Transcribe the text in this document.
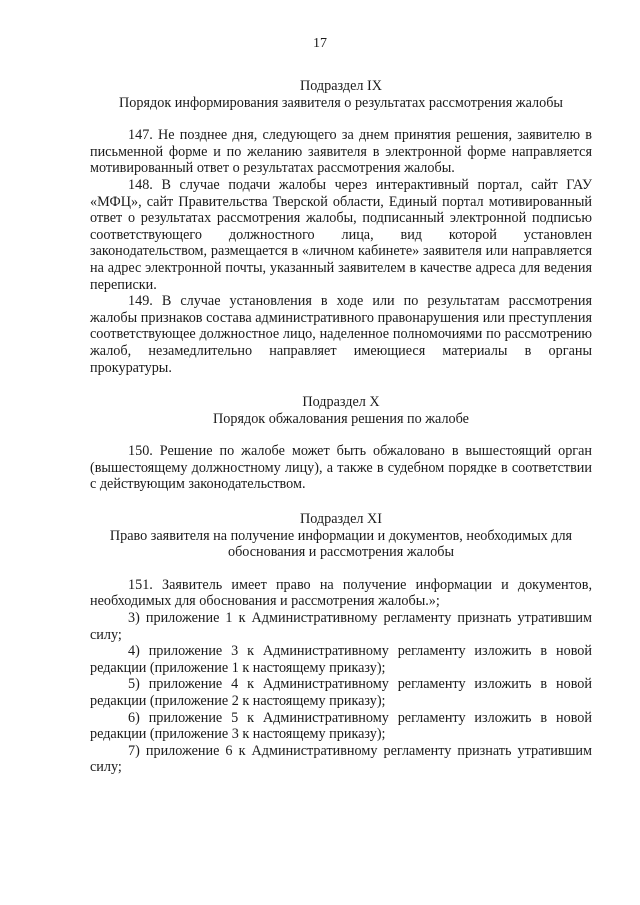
17

Подраздел IX

Порядок информирования заявителя о результатах рассмотрения жалобы

147. Не позднее дня, следующего за днем принятия решения, заявителю в письменной форме и по желанию заявителя в электронной форме направляется мотивированный ответ о результатах рассмотрения жалобы.

148. В случае подачи жалобы через интерактивный портал, сайт ГАУ «МФЦ», сайт Правительства Тверской области, Единый портал мотивированный ответ о результатах рассмотрения жалобы, подписанный электронной подписью соответствующего должностного лица, вид которой установлен законодательством, размещается в «личном кабинете» заявителя или направляется на адрес электронной почты, указанный заявителем в качестве адреса для ведения переписки.

149. В случае установления в ходе или по результатам рассмотрения жалобы признаков состава административного правонарушения или преступления соответствующее должностное лицо, наделенное полномочиями по рассмотрению жалоб, незамедлительно направляет имеющиеся материалы в органы прокуратуры.

Подраздел X

Порядок обжалования решения по жалобе

150. Решение по жалобе может быть обжаловано в вышестоящий орган (вышестоящему должностному лицу), а также в судебном порядке в соответствии с действующим законодательством.

Подраздел XI

Право заявителя на получение информации и документов, необходимых для обоснования и рассмотрения жалобы

151. Заявитель имеет право на получение информации и документов, необходимых для обоснования и рассмотрения жалобы.»;

3) приложение 1 к Административному регламенту признать утратившим силу;

4) приложение 3 к Административному регламенту изложить в новой редакции (приложение 1 к настоящему приказу);

5) приложение 4 к Административному регламенту изложить в новой редакции (приложение 2 к настоящему приказу);

6) приложение 5 к Административному регламенту изложить в новой редакции (приложение 3 к настоящему приказу);

7) приложение 6 к Административному регламенту признать утратившим силу;
